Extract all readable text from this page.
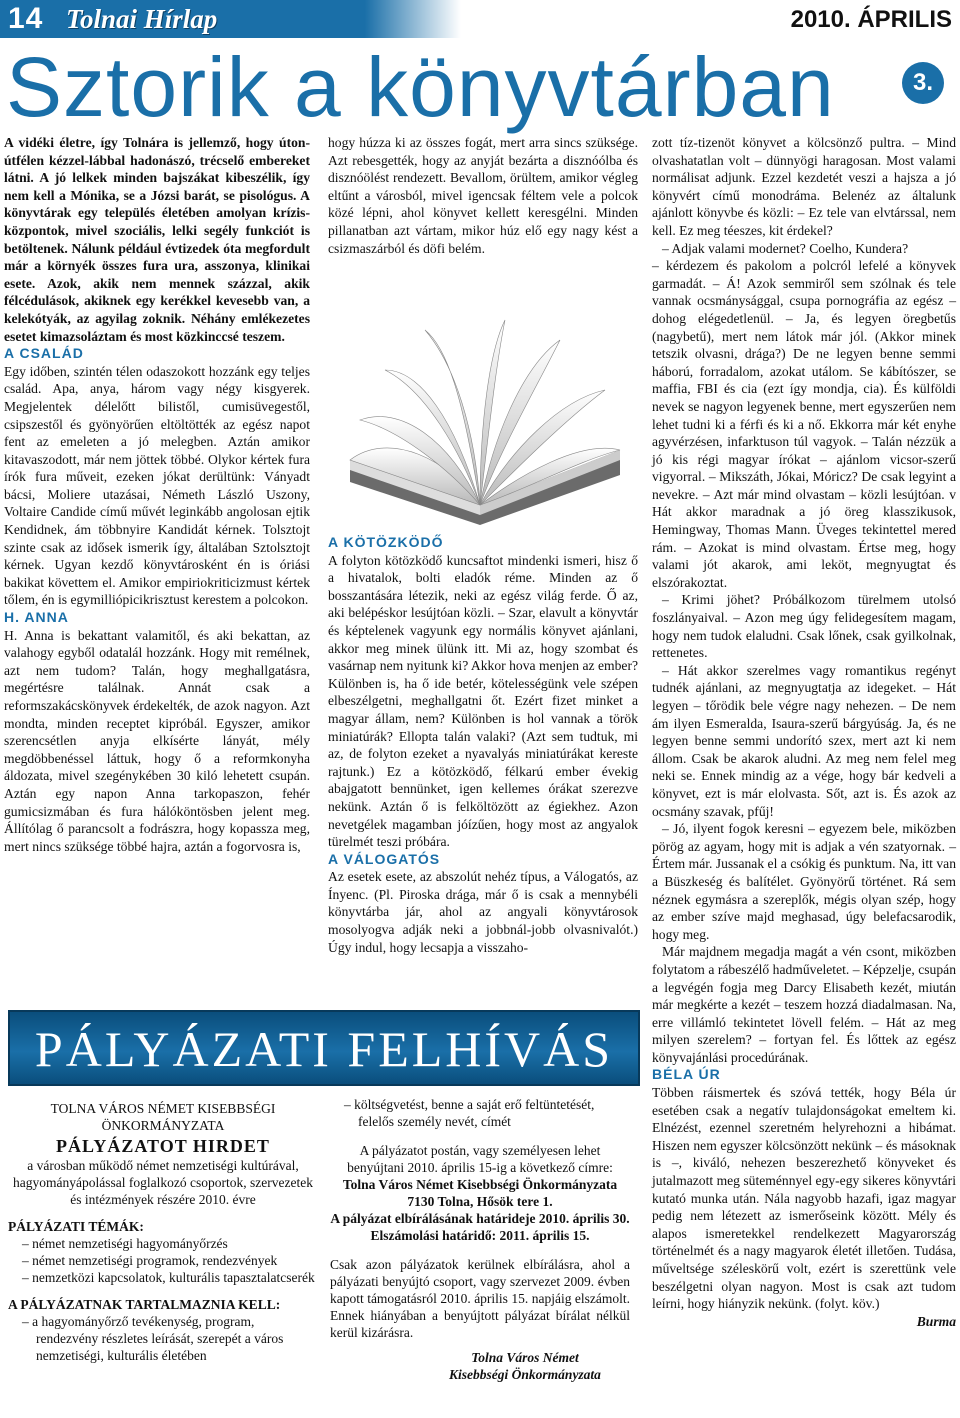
14 Tolnai Hírlap	2010. ÁPRILIS
Sztorik a könyvtárban	3.

A vidéki életre, így Tolnára is jellemző, hogy úton-útfélen kézzel-lábbal hadonászó, trécselő embereket látni. A jó lelkek minden bajszákat kibeszélik, így nem kell a Mónika, se a Józsi barát, se pisológus. A könyvtárak egy település életében amolyan krízisközpontok, mivel szociális, lelki segély funkciót is betöltenek. Nálunk például évtizedek óta megfordult már a környék összes fura ura, asszonya, klinikai esete. Azok, akik nem mennek százzal, akik félcédulások, akiknek egy kerékkel kevesebb van, a kelekótyák, az agyilag zoknik. Néhány emlékezetes esetet kimazsoláztam és most közkinccsé teszem.

A CSALÁD

Egy időben, szintén télen odaszokott hozzánk egy teljes család. Apa, anya, három vagy négy kisgyerek. Megjelentek délelőtt bilistől, cumisüvegestől, csipszestől és gyönyörűen eltöltötték az egész napot fent az emeleten a jó melegben. Aztán amikor kitavaszodott, már nem jöttek többé. Olykor kértek fura írók fura műveit, ezeken jókat derültünk: Ványadt bácsi, Moliere utazásai, Németh László Uszony, Voltaire Candide című művét leginkább angolosan ejtik Kendidnek, ám többnyire Kandidát kérnek. Tolsztojt szinte csak az idősek ismerik így, általában Sztolsztojt kérnek. Ugyan kezdő könyvtárosként én is óriási bakikat követtem el. Amikor empiriokriticizmust kértek tőlem, én is egymilliópicikrisztust kerestem a polcokon.

H. ANNA

H. Anna is bekattant valamitől, és aki bekattan, az valahogy egyből odatalál hozzánk. Hogy mit remélnek, azt nem tudom? Talán, hogy meghallgatásra, megértésre találnak. Annát csak a reformszakácskönyvek érdekelték, de azok nagyon. Azt mondta, minden receptet kipróbál. Egyszer, amikor szerencsétlen anyja elkísérte lányát, mély megdöbbenéssel láttuk, hogy ő a reformkonyha áldozata, mivel szegénykében 30 kiló lehetett csupán. Aztán egy napon Anna tarkopaszon, fehér gumicsizmában és fura hálóköntösben jelent meg. Állítólag ő parancsolt a fodrászra, hogy kopassza meg, mert nincs szüksége többé hajra, aztán a fogorvosra is,

hogy húzza ki az összes fogát, mert arra sincs szüksége. Azt rebesgették, hogy az anyját bezárta a disznóólba és disznóölést rendezett. Bevallom, örültem, amikor végleg eltűnt a városból, mivel igencsak féltem vele a polcok közé lépni, ahol könyvet kellett keresgélni. Minden pillanatban azt vártam, mikor húz elő egy nagy kést a csizmaszárból és döfi belém.

A KÖTÖZKÖDŐ

A folyton kötözködő kuncsaftot mindenki ismeri, hisz ő a hivatalok, bolti eladók réme. Minden az ő bosszantására létezik, neki az egész világ ferde. Ő az, aki belépéskor lesújtóan közli. – Szar, elavult a könyvtár és képtelenek vagyunk egy normális könyvet ajánlani, akkor meg minek ülünk itt. Mi az, hogy szombat és vasárnap nem nyitunk ki? Akkor hova menjen az ember? Különben is, ha ő ide betér, kötelességünk vele szépen elbeszélgetni, meghallgatni őt. Ezért fizet minket a magyar állam, nem? Különben is hol vannak a török miniatúrák? Ellopta talán valaki? (Azt sem tudtuk, mi az, de folyton ezeket a nyavalyás miniatúrákat kereste rajtunk.) Ez a kötözködő, félkarú ember évekig abajgatott bennünket, igen kellemes órákat szerezve nekünk. Aztán ő is felköltözött az égiekhez. Azon nevetgélek magamban jóízűen, hogy most az angyalok türelmét teszi próbára.

A VÁLOGATÓS

Az esetek esete, az abszolút nehéz típus, a Válogatós, az Ínyenc. (Pl. Piroska drága, már ő is csak a mennybéli könyvtárba jár, ahol az angyali könyvtárosok mosolyogva adják neki a jobbnál-jobb olvasnivalót.) Úgy indul, hogy lecsapja a visszaho-

zott tíz-tizenöt könyvet a kölcsönző pultra. – Mind olvashatatlan volt – dünnyögi haragosan. Most valami normálisat adjunk. Ezzel kezdetét veszi a hajsza a jó könyvért című monodráma. Belenéz az általunk ajánlott könyvbe és közli: – Ez tele van elvtárssal, nem kell. Ez meg téeszes, kit érdekel?

– Adjak valami modernet? Coelho, Kundera?

– kérdezem és pakolom a polcról lefelé a könyvek garmadát. – Á! Azok semmiről sem szólnak és tele vannak ocsmánysággal, csupa pornográfia az egész – dohog elégedetlenül. – Ja, és legyen öregbetűs (nagybetű), mert nem látok már jól. (Akkor minek tetszik olvasni, drága?) De ne legyen benne semmi háború, forradalom, azokat utálom. Se kábítószer, se maffia, FBI és cia (ezt így mondja, cia). És külföldi nevek se nagyon legyenek benne, mert egyszerűen nem lehet tudni ki a férfi és ki a nő. Ekkorra már két enyhe agyvérzésen, infarktuson túl vagyok. – Talán nézzük a jó kis régi magyar írókat – ajánlom vicsor-szerű vigyorral. – Mikszáth, Jókai, Móricz? De csak legyint a nevekre. – Azt már mind olvastam – közli lesújtóan. v Hát akkor maradnak a jó öreg klasszikusok, Hemingway, Thomas Mann. Üveges tekintettel mered rám. – Azokat is mind olvastam. Értse meg, hogy valami jót akarok, ami leköt, megnyugtat és elszórakoztat.

– Krimi jöhet? Próbálkozom türelmem utolsó foszlányaival. – Azon meg úgy felidegesítem magam, hogy nem tudok elaludni. Csak lőnek, csak gyilkolnak, rettenetes.

– Hát akkor szerelmes vagy romantikus regényt tudnék ajánlani, az megnyugtatja az idegeket. – Hát legyen – tőrödik bele végre nagy nehezen. – De nem ám ilyen Esmeralda, Isaura-szerű bárgyúság. Ja, és ne legyen benne semmi undorító szex, mert azt ki nem állom. Csak be akarok aludni. Az meg nem felel meg neki se. Ennek mindig az a vége, hogy bár kedveli a könyvet, ezt is már elolvasta. Sőt, azt is. És azok az ocsmány szavak, pfűj!

– Jó, ilyent fogok keresni – egyezem bele, miközben pörög az agyam, hogy mit is adjak a vén szatyornak. – Értem már. Jussanak el a csókig és punktum. Na, itt van a Büszkeség és balítélet. Gyönyörű történet. Rá sem néznek egymásra a szereplők, mégis olyan szép, hogy az ember szíve majd meghasad, úgy belefacsarodik, hogy meg.

Már majdnem megadja magát a vén csont, miközben folytatom a rábeszélő hadműveletet. – Képzelje, csupán a legvégén fogja meg Darcy Elisabeth kezét, miután már megkérte a kezét – teszem hozzá diadalmasan. Na, erre villámló tekintetet lövell felém. – Hát az meg milyen szerelem? – fortyan fel. És lőttek az egész könyvajánlási procedúrának.

BÉLA ÚR

Többen ráismertek és szóvá tették, hogy Béla úr esetében csak a negatív tulajdonságokat emeltem ki. Elnézést, ezennel szeretném helyrehozni a hibámat. Hiszen nem egyszer kölcsönzött nekünk – és másoknak is –, kiváló, nehezen beszerezhető könyveket és jutalmazott meg süteménnyel egy-egy sikeres könyvtári kutató munka után. Nála nagyobb hazafi, igaz magyar pedig nem létezett az ismerőseink között. Mély és alapos ismeretekkel rendelkezett Magyarország történelmét és a nagy magyarok életét illetően. Tudása, műveltsége széleskörű volt, ezért is szerettünk vele beszélgetni olyan nagyon. Most is csak azt tudom leírni, hogy hiányzik nekünk. (folyt. köv.)

Burma

PÁLYÁZATI FELHÍVÁS

TOLNA VÁROS NÉMET KISEBBSÉGI ÖNKORMÁNYZATA

PÁLYÁZATOT HIRDET

a városban működő német nemzetiségi kultúrával, hagyományápolással foglalkozó csoportok, szervezetek és intézmények részére 2010. évre

PÁLYÁZATI TÉMÁK:

– német nemzetiségi hagyományőrzés
– német nemzetiségi programok, rendezvények
– nemzetközi kapcsolatok, kulturális tapasztalatcserék

A PÁLYÁZATNAK TARTALMAZNIA KELL:

– a hagyományőrző tevékenység, program, rendezvény részletes leírását, szerepét a város nemzetiségi, kulturális életében
– költségvetést, benne a saját erő feltüntetését, felelős személy nevét, címét

A pályázatot postán, vagy személyesen lehet benyújtani 2010. április 15-ig a következő címre:

Tolna Város Német Kisebbségi Önkormányzata 7130 Tolna, Hősök tere 1.

A pályázat elbírálásának határideje 2010. április 30.

Elszámolási határidő: 2011. április 15.

Csak azon pályázatok kerülnek elbírálásra, ahol a pályázati benyújtó csoport, vagy szervezet 2009. évben kapott támogatásról 2010. április 15. napjáig elszámolt. Ennek hiányában a benyújtott pályázat bírálat nélkül kerül kizárásra.

Tolna Város Német

Kisebbségi Önkormányzata
